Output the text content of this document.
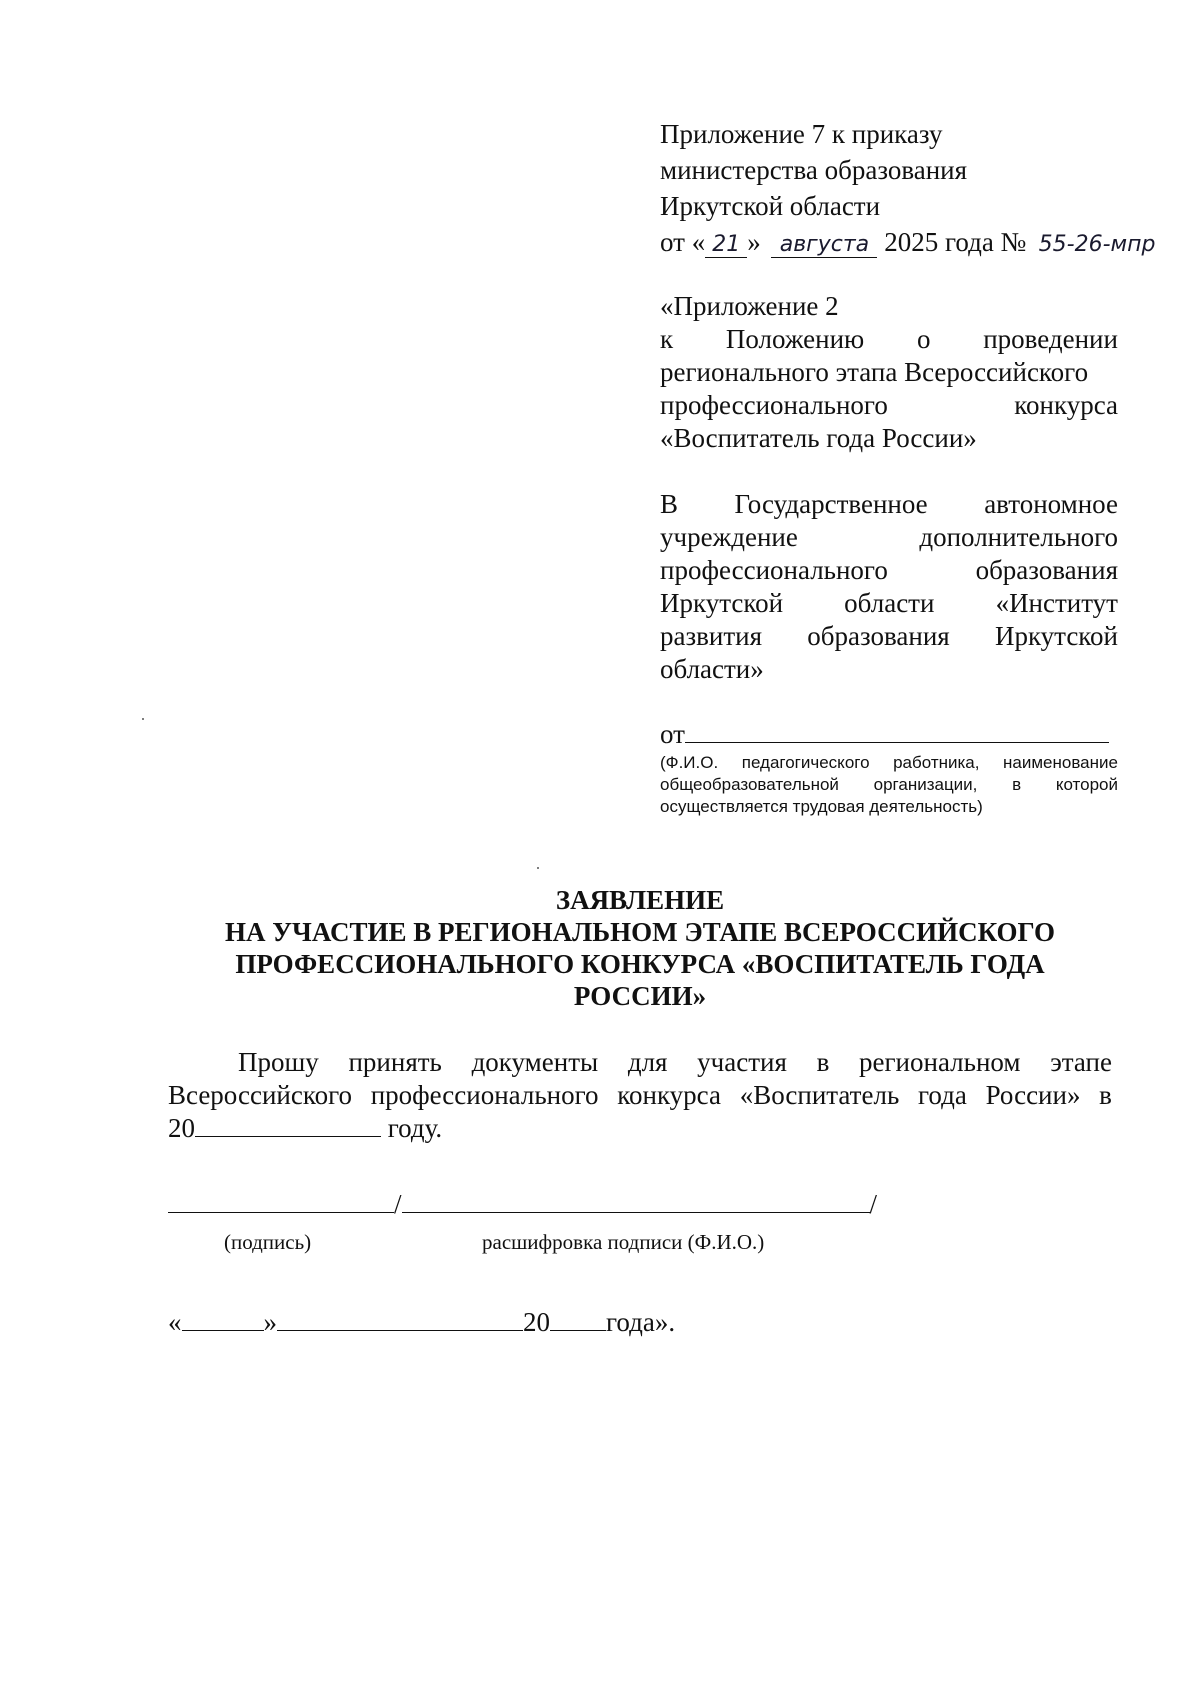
Приложение 7 к приказу
министерства образования
Иркутской области
от « 21 » августа 2025 года № 55-26-мпр
«Приложение 2
к Положению о проведении
регионального этапа Всероссийского
профессионального	конкурса
«Воспитатель года России»
В Государственное автономное
учреждение	дополнительного
профессионального	образования
Иркутской области «Институт
развития образования Иркутской
области»
от
(Ф.И.О. педагогического работника, наименование
общеобразовательной организации, в которой
осуществляется трудовая деятельность)
ЗАЯВЛЕНИЕ
НА УЧАСТИЕ В РЕГИОНАЛЬНОМ ЭТАПЕ ВСЕРОССИЙСКОГО
ПРОФЕССИОНАЛЬНОГО КОНКУРСА «ВОСПИТАТЕЛЬ ГОДА
РОССИИ»
Прошу принять документы для участия в региональном этапе
Всероссийского профессионального конкурса «Воспитатель года России» в
20	году.
/	/
(подпись)	расшифровка подписи (Ф.И.О.)
«	»	20 года».
